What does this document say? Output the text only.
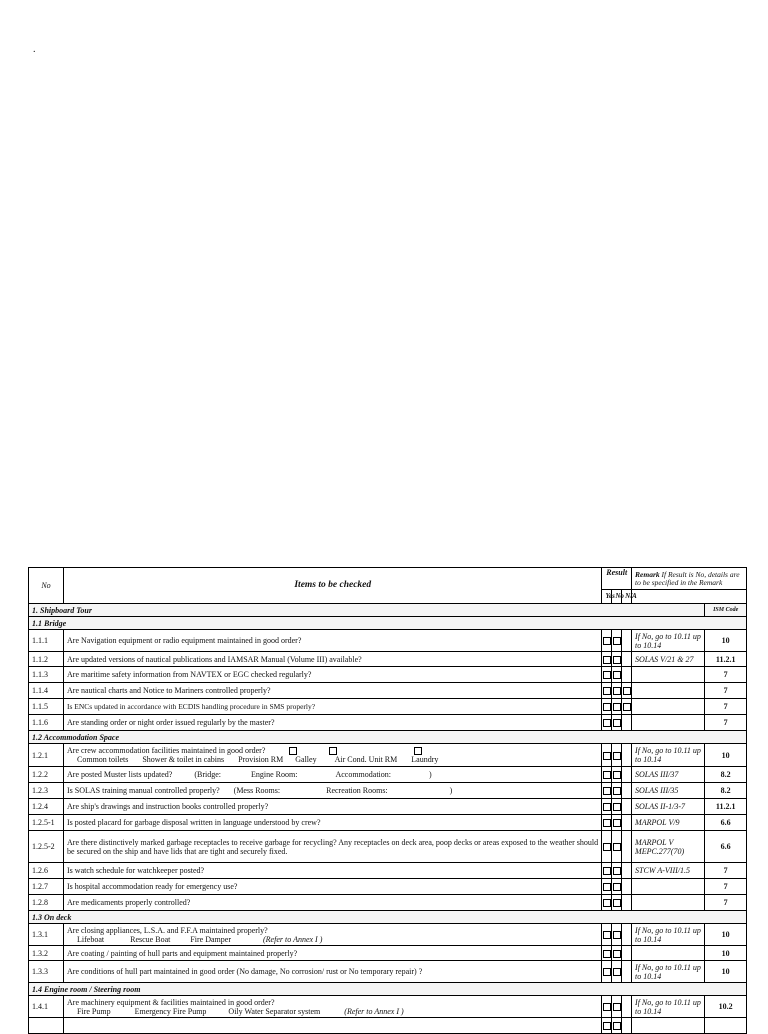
.
No	Items to be checked	Result			Remark If Result is No, details are to be specified in the Remark	
		Yes	No	N/A		
1. Shipboard Tour						ISM Code
1.1 Bridge						
1.1.1	Are Navigation equipment or radio equipment maintained in good order?				If No, go to 10.11 up to 10.14	10
1.1.2	Are updated versions of nautical publications and IAMSAR Manual (Volume III) available?				SOLAS V/21 & 27	11.2.1
1.1.3	Are maritime safety information from NAVTEX or EGC checked regularly?					7
1.1.4	Are nautical charts and Notice to Mariners controlled properly?					7
1.1.5	Is ENCs updated in accordance with ECDIS handling procedure in SMS properly?					7
1.1.6	Are standing order or night order issued regularly by the master?					7
1.2 Accommodation Space						
1.2.1	Are crew accommodation facilities maintained in good order?
Common toilets Shower & toilet in cabins Provision RM Galley Air Cond. Unit RM Laundry				If No, go to 10.11 up to 10.14	10
1.2.2	Are posted Muster lists updated? (Bridge: Engine Room: Accommodation: )				SOLAS III/37	8.2
1.2.3	Is SOLAS training manual controlled properly? (Mess Rooms: Recreation Rooms: )				SOLAS III/35	8.2
1.2.4	Are ship's drawings and instruction books controlled properly?				SOLAS II-1/3-7	11.2.1
1.2.5-1	Is posted placard for garbage disposal written in language understood by crew?				MARPOL V/9	6.6
1.2.5-2	Are there distinctively marked garbage receptacles to receive garbage for recycling? Any receptacles on deck area, poop decks or areas exposed to the weather should be secured on the ship and have lids that are tight and securely fixed.				MARPOL V MEPC.277(70)	6.6
1.2.6	Is watch schedule for watchkeeper posted?				STCW A-VIII/1.5	7
1.2.7	Is hospital accommodation ready for emergency use?					7
1.2.8	Are medicaments properly controlled?					7
1.3 On deck						
1.3.1	Are closing appliances, L.S.A. and F.F.A maintained properly?
Lifeboat Rescue Boat Fire Damper (Refer to Annex I )				If No, go to 10.11 up to 10.14	10
1.3.2	Are coating / painting of hull parts and equipment maintained properly?					10
1.3.3	Are conditions of hull part maintained in good order (No damage, No corrosion/ rust or No temporary repair) ?				If No, go to 10.11 up to 10.14	10
1.4 Engine room / Steering room						
1.4.1	Are machinery equipment & facilities maintained in good order?
Fire Pump Emergency Fire Pump Oily Water Separator system (Refer to Annex I )				If No, go to 10.11 up to 10.14	10.2
